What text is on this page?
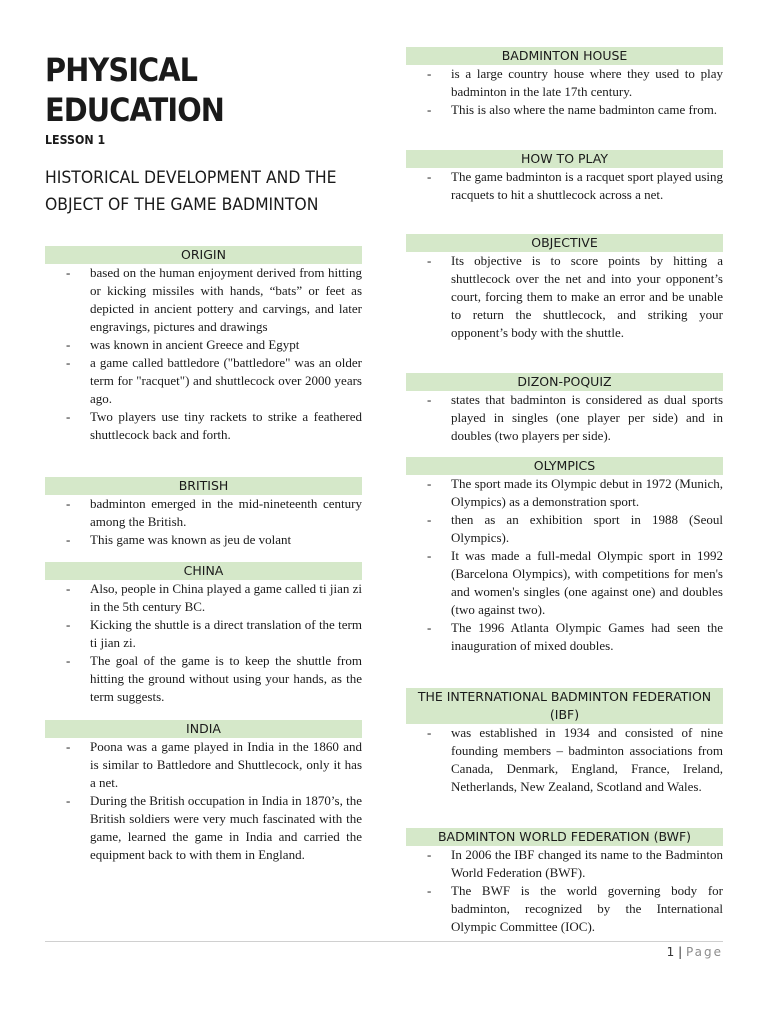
PHYSICAL EDUCATION
LESSON 1
HISTORICAL DEVELOPMENT AND THE OBJECT OF THE GAME BADMINTON
ORIGIN
- based on the human enjoyment derived from hitting or kicking missiles with hands, “bats” or feet as depicted in ancient pottery and carvings, and later engravings, pictures and drawings
- was known in ancient Greece and Egypt
- a game called battledore ("battledore" was an older term for "racquet") and shuttlecock over 2000 years ago.
- Two players use tiny rackets to strike a feathered shuttlecock back and forth.
BRITISH
- badminton emerged in the mid-nineteenth century among the British.
- This game was known as jeu de volant
CHINA
- Also, people in China played a game called ti jian zi in the 5th century BC.
- Kicking the shuttle is a direct translation of the term ti jian zi.
- The goal of the game is to keep the shuttle from hitting the ground without using your hands, as the term suggests.
INDIA
- Poona was a game played in India in the 1860 and is similar to Battledore and Shuttlecock, only it has a net.
- During the British occupation in India in 1870’s, the British soldiers were very much fascinated with the game, learned the game in India and carried the equipment back to with them in England.
BADMINTON HOUSE
- is a large country house where they used to play badminton in the late 17th century.
- This is also where the name badminton came from.
HOW TO PLAY
- The game badminton is a racquet sport played using racquets to hit a shuttlecock across a net.
OBJECTIVE
- Its objective is to score points by hitting a shuttlecock over the net and into your opponent’s court, forcing them to make an error and be unable to return the shuttlecock, and striking your opponent’s body with the shuttle.
DIZON-POQUIZ
- states that badminton is considered as dual sports played in singles (one player per side) and in doubles (two players per side).
OLYMPICS
- The sport made its Olympic debut in 1972 (Munich, Olympics) as a demonstration sport.
- then as an exhibition sport in 1988 (Seoul Olympics).
- It was made a full-medal Olympic sport in 1992 (Barcelona Olympics), with competitions for men's and women's singles (one against one) and doubles (two against two).
- The 1996 Atlanta Olympic Games had seen the inauguration of mixed doubles.
THE INTERNATIONAL BADMINTON FEDERATION (IBF)
- was established in 1934 and consisted of nine founding members – badminton associations from Canada, Denmark, England, France, Ireland, Netherlands, New Zealand, Scotland and Wales.
BADMINTON WORLD FEDERATION (BWF)
- In 2006 the IBF changed its name to the Badminton World Federation (BWF).
- The BWF is the world governing body for badminton, recognized by the International Olympic Committee (IOC).
1 | Page
